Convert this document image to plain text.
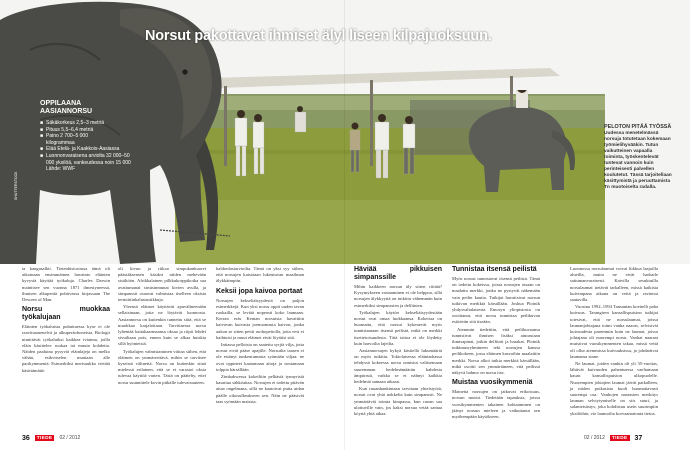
Norsut pakottavat ihmiset älyl liseen kilpajuoksuun.
OPPILAANA
AASIANNORSU
■ Säkäkorkeus 2,5–3 metriä
■ Pituus 5,5–6,4 metriä
■ Paino 2 700–5 000
kilogrammaa
■ Elää Etelä- ja Kaakkois-Aasiassa
■ Luonnonvaraisena arviolta 32 000–50 000 yksilöä, vankeudessa noin 15 000
Lähde: WWF
SHUTTERSTOCK
PELOTON PITÄÄ TYÖSSÄ
Uudessa menetelmässä norsuja totutetaan kokemaan työmielihyvääkin. Tutun vaikutteinen vapaalla toiminta, työskentelevät tuntevat vannoin kuin perinteisesti palvellen koulutetut. Tässä tarjoitellaan käsittymistä ja peruuttamista Tn muotoiselta radalla.

ta kangasalkit. Tietenhistoriassa tämä oli aikoinaan ensimmäinen havainto eläinten kyvystä käyttää työkaluja. Charles Darwin mainitsee sen vuonna 1871 ilmestyneessä, ihmisen alkuperää pohtivassa kirjassaan The Descent of Man.

Norsu muokkaa työkalujaan

Eläinten työkaluista puhuttaessa kyse ei ole raavitusmenelvä ja alkuperäohoneista. Biologit nimittävät työkaluiksi kaikkea tviaima, joilla eläin käsittelee ruokaa tai muuta kohdetta. Näiden paaluina pysyviä eläinlajeja on melko vähän, esikvitselen muutaan alle parikymmentä. Esimerkiksi merisaukko viettää käsittämättö

oli kivun ja riikoo simpukankuoret päästäksensen käsiksi niiden mehevään sisältöön. Afrikkalainen pilkkukorppikotka saa avattumanat strutsinmunat kivien avulla, ja simpanssit osaavat valmistaa itselleen oksista termiittinkalastustikkuja.

Yleensä eläimet käyttävät apuvälineenään sellaisinaan, joita ne löytävät luonnosta. Aasiannorsu on kuitenkin tunnettu siitä, että se muokkaa karjaloitaan. Tarvittaessa norsu lyhentää kattakaarmaansa oksaa ja riipii lehdet sivuiltaan pois, ennen kuin se alkaa huiskia sillä hyönteisiä.

Työkalujen valmistaminen viittaa siihen, että eläimen on ymmärrettävä, mihin se tarvitsee kyseistä välinettä. Norsu on kuitenkin siinä mielessä erilainen, että se ei varastoi oksia tulevaa käyttöä varten. Tästä on päätelty, ettei norsu suunnittele kovin pitkälle tulevaisuuteen.

kaldonlasiarvioilta. Tämä on yksi syy siihen, että norsujen katsotaan lukeutuvan maailman älykkäimpiin.

Keksii jopa kaivoa portaat

Norsujen kekseliäisyydestä on paljon esimerkkejä. Kun yksi norsu oppii uuden tavan ruokailla, se leviää nopeasti koko laumaan. Kerran eräs Kenian norsuista havaittiin kaivavan kuivasta joenuomasta kaivon, jonka aukon se sitten peitti ruohopeitolla, jotta vesi ei haihtuisi ja muut eläimet eivät löytäisi sitä.

Intiassa pelloista on saatettu syrjiä vilja, jotta norsut eivät pääse apajille. Norsuilta taasen ei ole estänyt tunkeutumasta syömään viljaa: ne ovat oppineet kaatamaan aitoja ja nostamaan tolppia kärsällään.

Zimbabwessa kokeiltiin pelkästä tynnyristä kasattua sähköaitaa. Norsujen ei todettu pitävän aitaa ongelmana, sillä ne kaatoivat puita aidan päälle oikosulkeakseen sen. Näin ne pääsivät taas syömään maissia.

Häviää pikkuisen simpanssille

Mihin kaikkeen norsun äly sitten riittää? Kysymykseen vastaaminen ei ole helppoa, sillä norsujen älykkyyttä on tutkittu vähemmän kuin esimerkiksi simpanssien ja delfiinien.

Työkalujen käytön kekseliäisyydestään norsut ovat omaa luokkaansa. Kokeissa on huomattu, että norsut kykenevät myös tunnistamaan itsensä peilistä, mikä on merkki itsetietoisuudesta. Tätä taitoa ei ole löydetty kuin harvoilta lajeilta.

Aasiannorsujen kykyä käsitellä lukumääriä on myös tutkittu. Tokiolaisessa eläintarhassa tehdyssä kokeessa norsu onnistui valitsemaan suuremman hedelmämäärän kahdesta ämpäristä, vaikka se ei nähnyt kaikkia hedelmiä samaan aikaan.

Kun ruuanhankintaan tarvitaan yhteistyötä, norsut ovat yhtä nokkelia kuin simpanssit. Ne ymmärtävät toimia kimpassa, kun ruoan saa ulottuville vain, jos kaksi norsua vetää samaa köyttä yhtä aikaa.

Tunnistaa itsensä peilistä

Myös norsut tunnistavat itsensä peilistä. Tämä on todettu kokeissa, joissa norsujen otsaan on maalattu merkki, jonka ne pystyvät näkemään vain peilin kautta. Tutkijat havaitsivat norsun tutkivan merkkiä kärsällään. Joshua Plotnik yhdysvaltalaisesta Emoryn yliopistosta on osoittanut, että norsu tunnistaa peilikuvan esittävän sitä itseään.

Aiemmin tiedettiin, että peilikuvaansa tunnistivat ihmisen lisäksi ainoastaan ihmisapinat, jotkin delfiinit ja harakat. Plotnik tutkimusryhmineen teki norsujen kanssa peilikokeen, jossa eläimen kasvoihin maalattiin merkki. Norsu alkoi tutkia merkkiä kärsällään, mikä osoitti sen ymmärtäneen, että peilissä näkyvä hahmo on norsu itse.

Muistaa vuosikymmeniä

Mainetta norsujen on jatkuvat erikoisuus, norsun muisti. Tiedetään tapauksia, joissa vuosikymmenten takainen kohtaaminen on jäänyt norsun mieleen ja vaikuttanut sen myöhempään käytökseen.

Luonnossa norsulaumat voivat liikkua laajoilla alueilla, mutta ne eivät harhaile sattumanvaraisesti. Kaivilla sesuktuilla norsulaumat tietävät tarkalleen, missä kaikista kuivimpana aikana on vettä ja ravintoa saatavilla.

Vuosina 1992–1994 Tansanian koettelli paha kuivuus. Tarangiren kansallispuiston tutkijat totesivat, että ne norsulaumat, joissa laumanjohtajana toimi vanha naaras, selvisivät kuivuudesta paremmin kuin ne laumat, joissa johtajana oli nuorempi norsu. Vanhat naaraat muistivat vuosikymmenten takaa, missä vettä oli ollut aiemmissa kuivuuksissa, ja johdattivat laumansa sinne.

Ne laumat, joiden vanhin oli yli 35-vuotias, lähtivät kuivuuden pahentuessa vaeltamaan kauas kansallispuiston ulkopuolelle. Nuorempien johtajien laumat jäivät paikalleen, ja niiden poikasista kuoli huomattavasti suurempi osa. Vanhojen naarasten merkitys lauman selviytymiselle on siis suuri, ja salametsästys, joka kohdistuu usein suurimpiin yksilöihin, vie laumoilta korvaamatonta tietoa.

36	TIEDE	02 / 2012	02 / 2012	TIEDE 37
